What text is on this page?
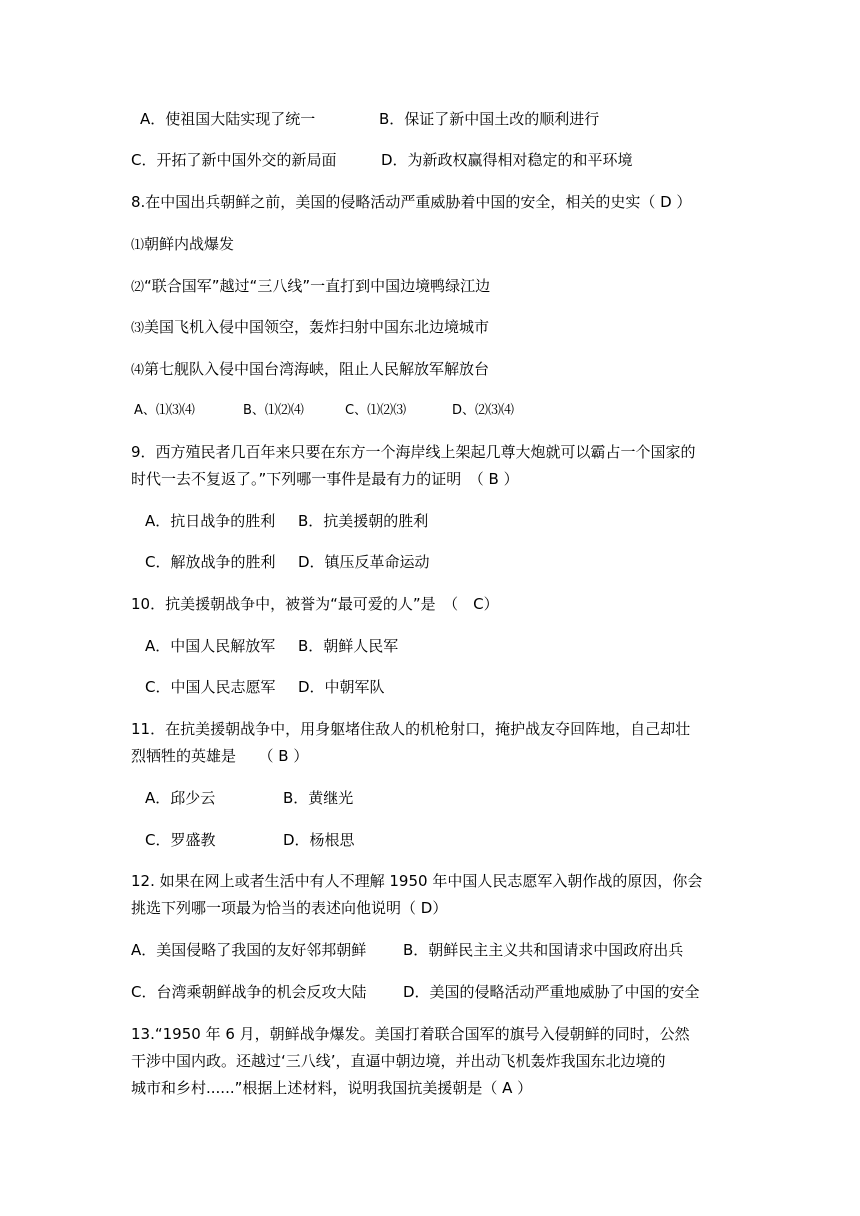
A．使祖国大陆实现了统一	B．保证了新中国土改的顺利进行
C．开拓了新中国外交的新局面	D．为新政权赢得相对稳定的和平环境
8.在中国出兵朝鲜之前，美国的侵略活动严重威胁着中国的安全，相关的史实（ D ）
⑴朝鲜内战爆发
⑵“联合国军”越过“三八线”一直打到中国边境鸭绿江边
⑶美国飞机入侵中国领空，轰炸扫射中国东北边境城市
⑷第七舰队入侵中国台湾海峡，阻止人民解放军解放台
A、⑴⑶⑷	B、⑴⑵⑷	C、⑴⑵⑶	D、⑵⑶⑷
9．西方殖民者几百年来只要在东方一个海岸线上架起几尊大炮就可以霸占一个国家的
时代一去不复返了。”下列哪一事件是最有力的证明　（ B ）
A．抗日战争的胜利 B．抗美援朝的胜利
C．解放战争的胜利 D．镇压反革命运动
10．抗美援朝战争中，被誉为“最可爱的人”是　（　C）
A．中国人民解放军 B．朝鲜人民军
C．中国人民志愿军 D．中朝军队
11．在抗美援朝战争中，用身躯堵住敌人的机枪射口，掩护战友夺回阵地，自己却壮
烈牺牲的英雄是　　（ B ）
A．邱少云	B．黄继光
C．罗盛教	D．杨根思
12. 如果在网上或者生活中有人不理解 1950 年中国人民志愿军入朝作战的原因，你会
挑选下列哪一项最为恰当的表述向他说明（ D）
A．美国侵略了我国的友好邻邦朝鲜 B．朝鲜民主主义共和国请求中国政府出兵
C．台湾乘朝鲜战争的机会反攻大陆 D．美国的侵略活动严重地威胁了中国的安全
13.“1950 年 6 月，朝鲜战争爆发。美国打着联合国军的旗号入侵朝鲜的同时，公然
干涉中国内政。还越过‘三八线’，直逼中朝边境，并出动飞机轰炸我国东北边境的
城市和乡村......”根据上述材料，说明我国抗美援朝是（ A ）
